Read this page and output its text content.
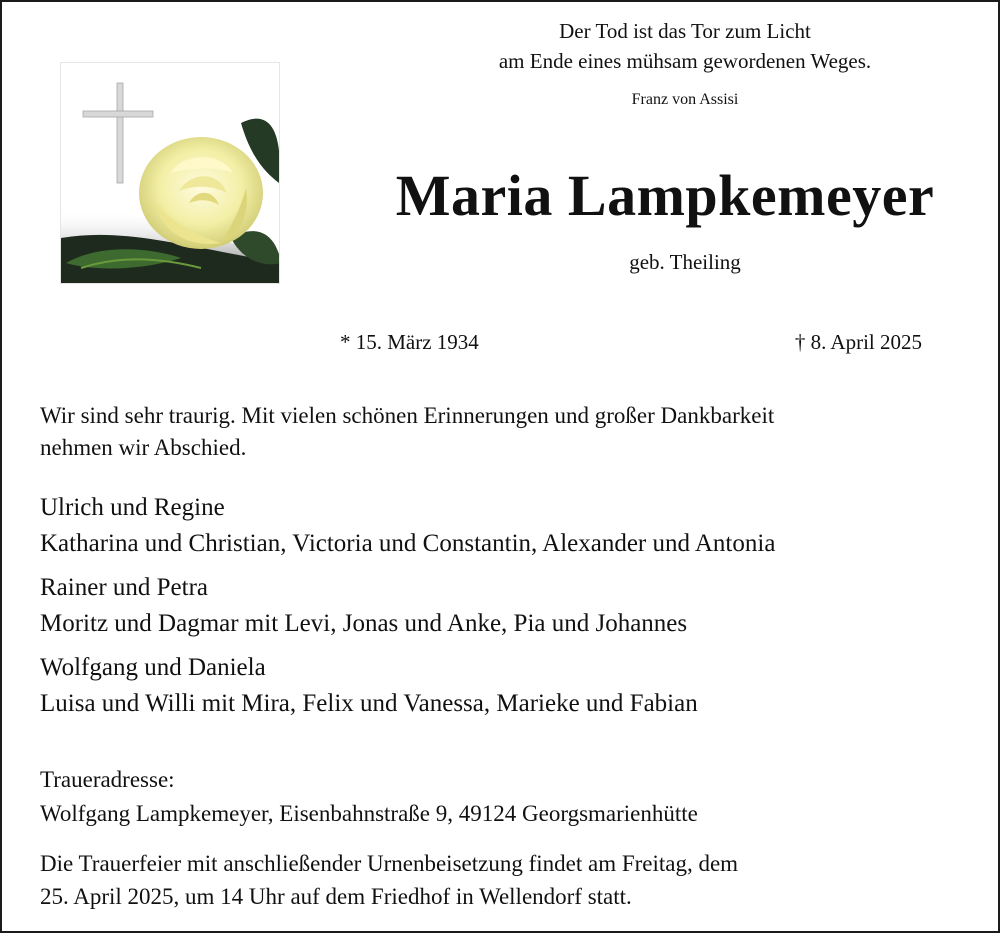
Der Tod ist das Tor zum Licht
am Ende eines mühsam gewordenen Weges.
Franz von Assisi
Maria Lampkemeyer
geb. Theiling
* 15. März 1934	† 8. April 2025
Wir sind sehr traurig. Mit vielen schönen Erinnerungen und großer Dankbarkeit
nehmen wir Abschied.
Ulrich und Regine
Katharina und Christian, Victoria und Constantin, Alexander und Antonia
Rainer und Petra
Moritz und Dagmar mit Levi, Jonas und Anke, Pia und Johannes
Wolfgang und Daniela
Luisa und Willi mit Mira, Felix und Vanessa, Marieke und Fabian
Traueradresse:
Wolfgang Lampkemeyer, Eisenbahnstraße 9, 49124 Georgsmarienhütte
Die Trauerfeier mit anschließender Urnenbeisetzung findet am Freitag, dem
25. April 2025, um 14 Uhr auf dem Friedhof in Wellendorf statt.
